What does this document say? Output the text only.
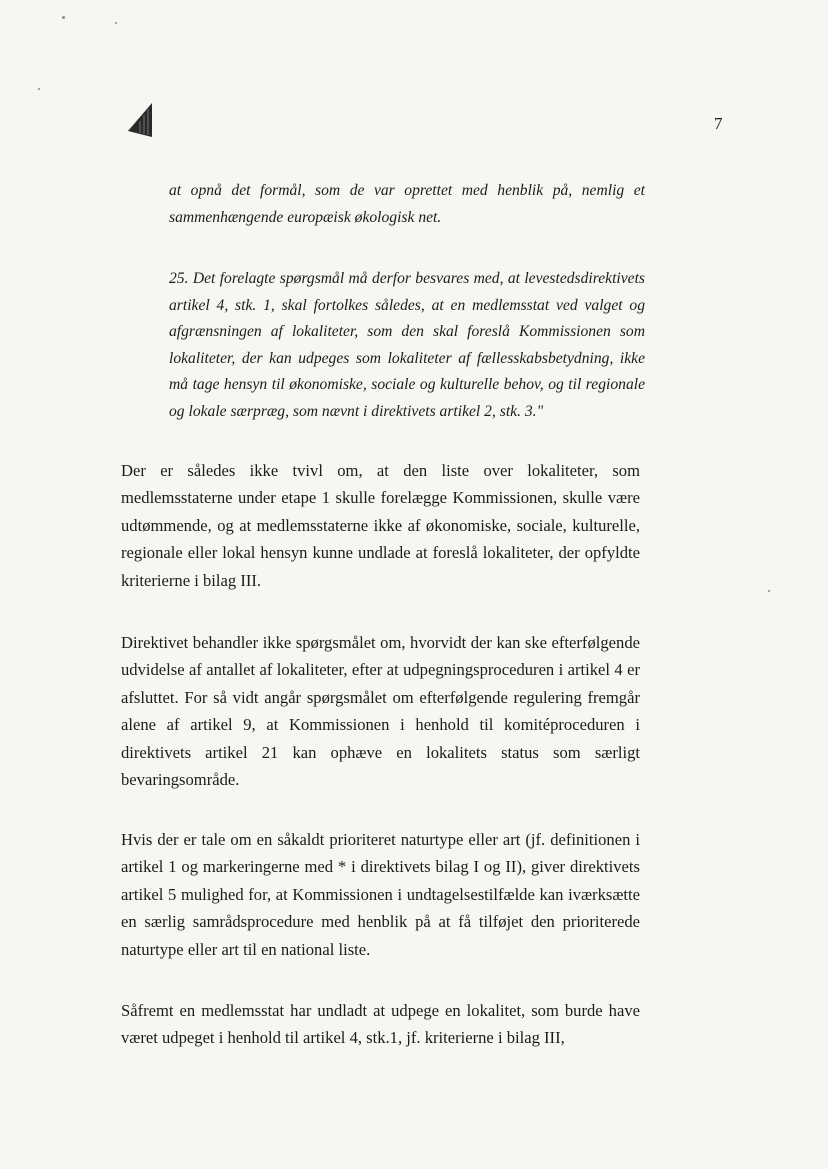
7
at opnå det formål, som de var oprettet med henblik på, nemlig et sammenhængende europæisk økologisk net.
25. Det forelagte spørgsmål må derfor besvares med, at levestedsdirektivets artikel 4, stk. 1, skal fortolkes således, at en medlemsstat ved valget og afgrænsningen af lokaliteter, som den skal foreslå Kommissionen som lokaliteter, der kan udpeges som lokaliteter af fællesskabsbetydning, ikke må tage hensyn til økonomiske, sociale og kulturelle behov, og til regionale og lokale særpræg, som nævnt i direktivets artikel 2, stk. 3."
Der er således ikke tvivl om, at den liste over lokaliteter, som medlemsstaterne under etape 1 skulle forelægge Kommissionen, skulle være udtømmende, og at medlemsstaterne ikke af økonomiske, sociale, kulturelle, regionale eller lokal hensyn kunne undlade at foreslå lokaliteter, der opfyldte kriterierne i bilag III.
Direktivet behandler ikke spørgsmålet om, hvorvidt der kan ske efterfølgende udvidelse af antallet af lokaliteter, efter at udpegningsproceduren i artikel 4 er afsluttet. For så vidt angår spørgsmålet om efterfølgende regulering fremgår alene af artikel 9, at Kommissionen i henhold til komitéproceduren i direktivets artikel 21 kan ophæve en lokalitets status som særligt bevaringsområde.
Hvis der er tale om en såkaldt prioriteret naturtype eller art (jf. definitionen i artikel 1 og markeringerne med * i direktivets bilag I og II), giver direktivets artikel 5 mulighed for, at Kommissionen i undtagelsestilfælde kan iværksætte en særlig samrådsprocedure med henblik på at få tilføjet den prioriterede naturtype eller art til en national liste.
Såfremt en medlemsstat har undladt at udpege en lokalitet, som burde have været udpeget i henhold til artikel 4, stk.1, jf. kriterierne i bilag III,
